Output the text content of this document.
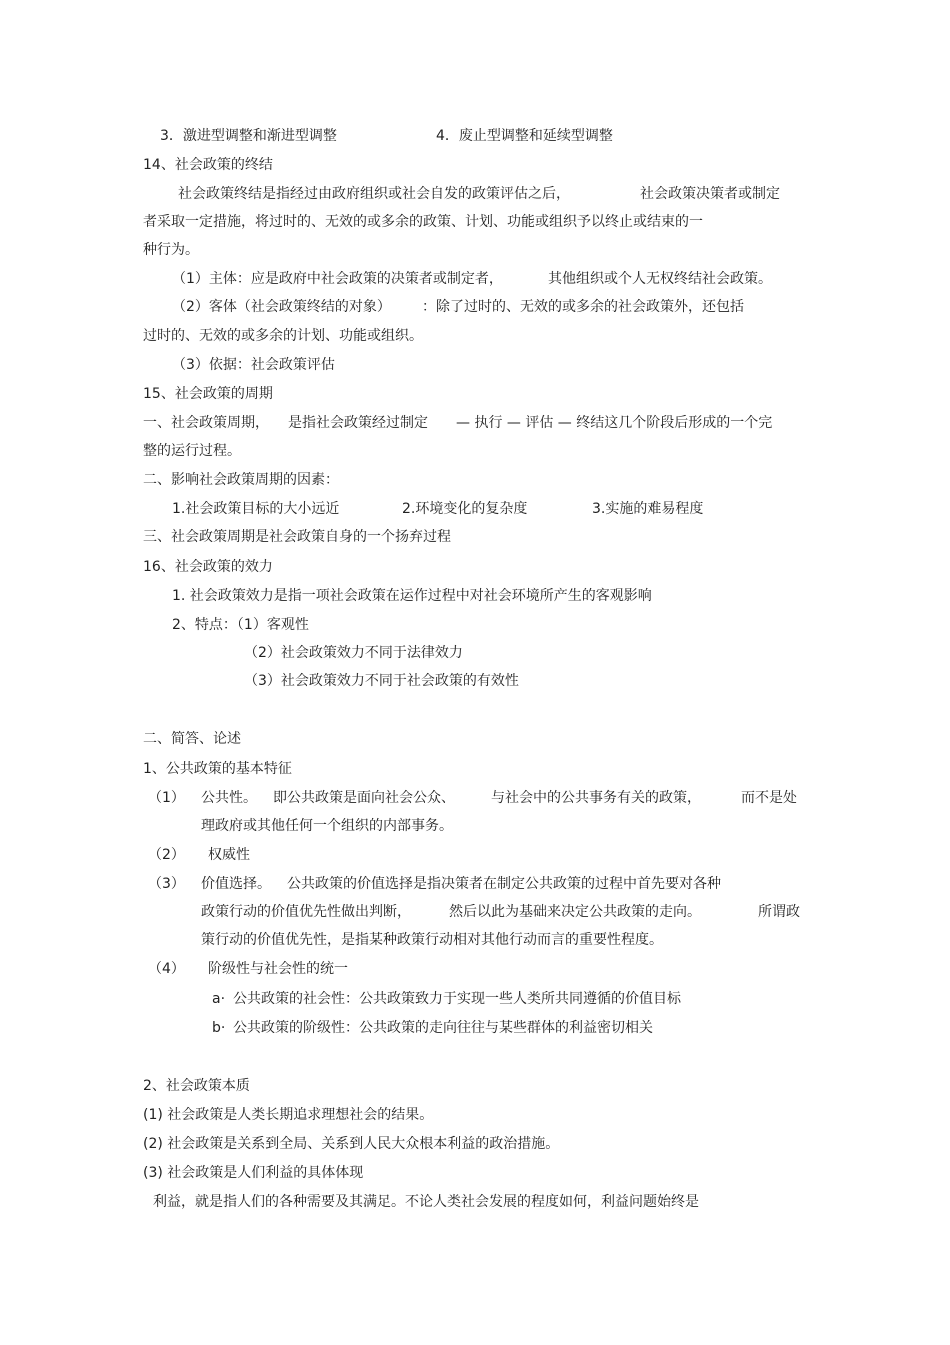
3．激进型调整和渐进型调整	4．废止型调整和延续型调整
14、社会政策的终结
社会政策终结是指经过由政府组织或社会自发的政策评估之后，	社会政策决策者或制定
者采取一定措施，将过时的、无效的或多余的政策、计划、功能或组织予以终止或结束的一
种行为。
（1）主体：应是政府中社会政策的决策者或制定者，	其他组织或个人无权终结社会政策。
（2）客体（社会政策终结的对象） ：除了过时的、无效的或多余的社会政策外，还包括
过时的、无效的或多余的计划、功能或组织。
（3）依据：社会政策评估
15、社会政策的周期
一、社会政策周期， 是指社会政策经过制定 — 执行 — 评估 — 终结这几个阶段后形成的一个完
整的运行过程。
二、影响社会政策周期的因素：
1.社会政策目标的大小远近	2.环境变化的复杂度	3.实施的难易程度
三、社会政策周期是社会政策自身的一个扬弃过程
16、社会政策的效力
1. 社会政策效力是指一项社会政策在运作过程中对社会环境所产生的客观影响
2、特点：（1）客观性
（2）社会政策效力不同于法律效力
（3）社会政策效力不同于社会政策的有效性
二、简答、论述
1、公共政策的基本特征
（1） 公共性。 即公共政策是面向社会公众、	与社会中的公共事务有关的政策，	而不是处
理政府或其他任何一个组织的内部事务。
（2） 权威性
（3） 价值选择。 公共政策的价值选择是指决策者在制定公共政策的过程中首先要对各种
政策行动的价值优先性做出判断，	然后以此为基础来决定公共政策的走向。	所谓政
策行动的价值优先性，是指某种政策行动相对其他行动而言的重要性程度。
（4） 阶级性与社会性的统一
a· 公共政策的社会性：公共政策致力于实现一些人类所共同遵循的价值目标
b· 公共政策的阶级性：公共政策的走向往往与某些群体的利益密切相关
2、社会政策本质
(1) 社会政策是人类长期追求理想社会的结果。
(2) 社会政策是关系到全局、关系到人民大众根本利益的政治措施。
(3) 社会政策是人们利益的具体体现
利益，就是指人们的各种需要及其满足。不论人类社会发展的程度如何，利益问题始终是
